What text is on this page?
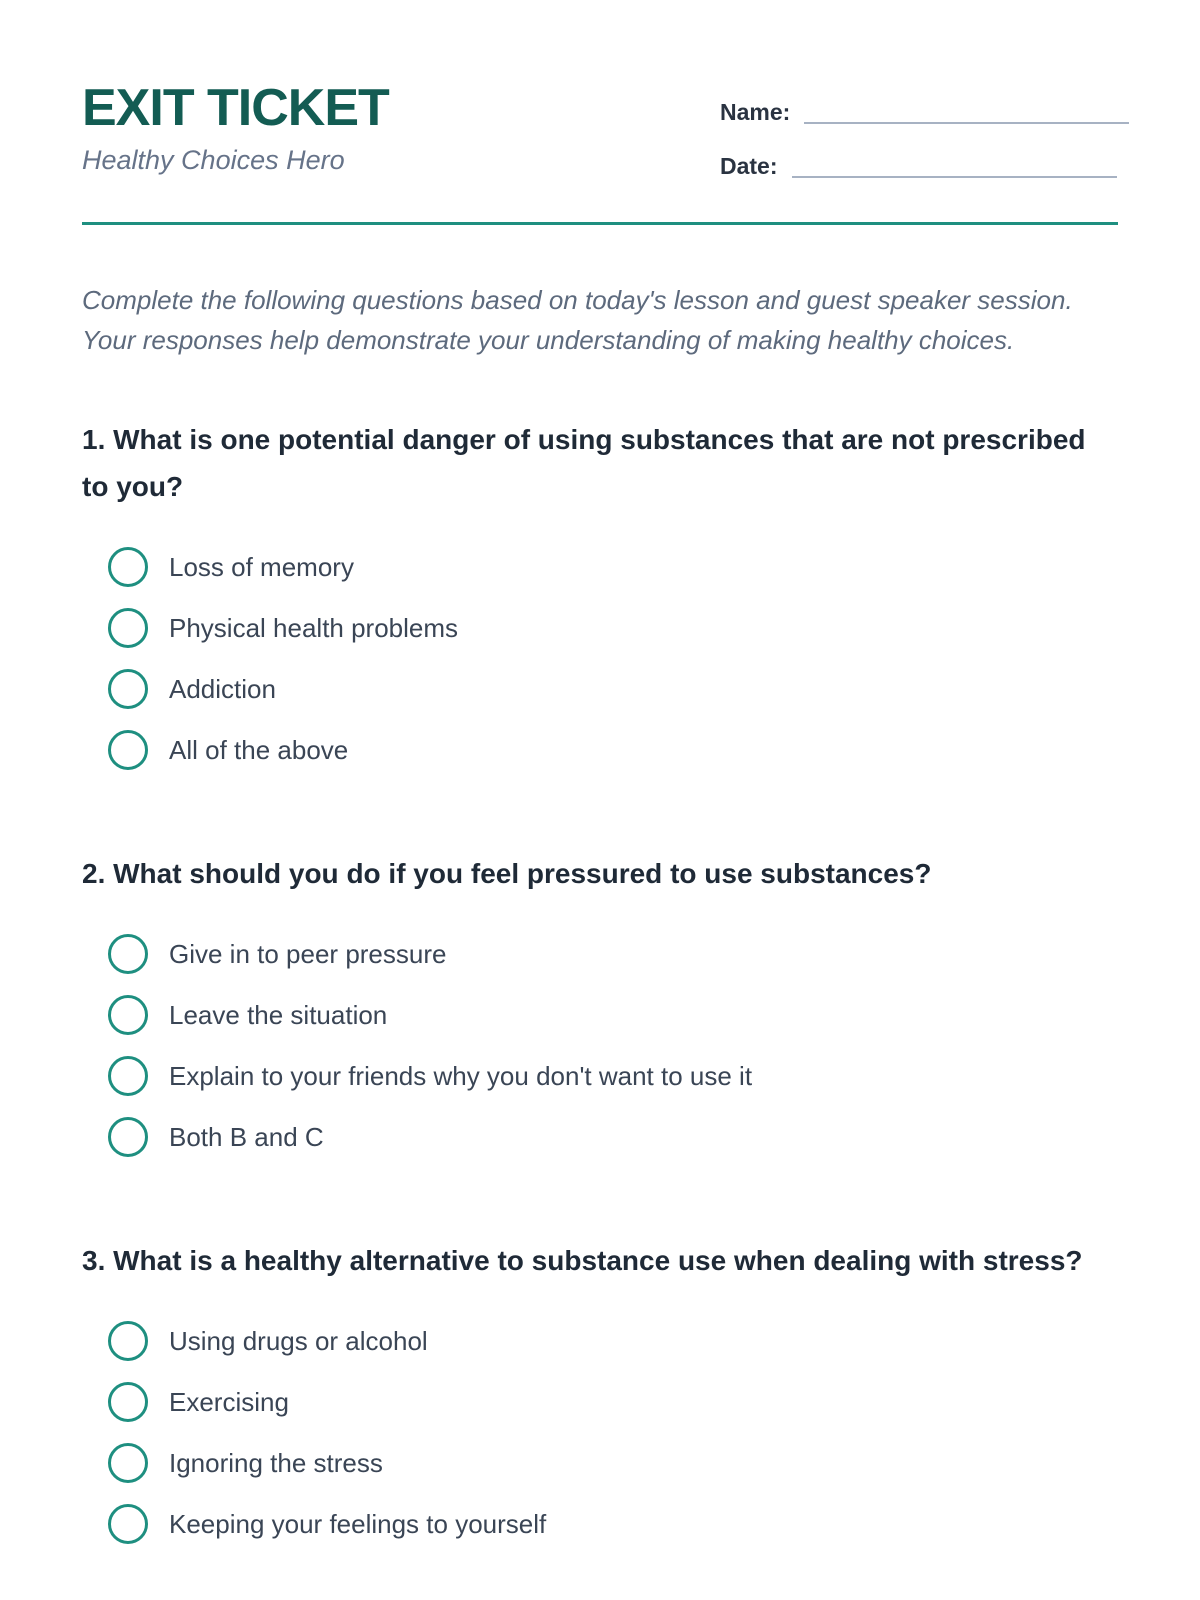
EXIT TICKET
Healthy Choices Hero
Name:
Date:

Complete the following questions based on today's lesson and guest speaker session. Your responses help demonstrate your understanding of making healthy choices.

1. What is one potential danger of using substances that are not prescribed to you?
Loss of memory
Physical health problems
Addiction
All of the above
2. What should you do if you feel pressured to use substances?
Give in to peer pressure
Leave the situation
Explain to your friends why you don't want to use it
Both B and C
3. What is a healthy alternative to substance use when dealing with stress?
Using drugs or alcohol
Exercising
Ignoring the stress
Keeping your feelings to yourself
